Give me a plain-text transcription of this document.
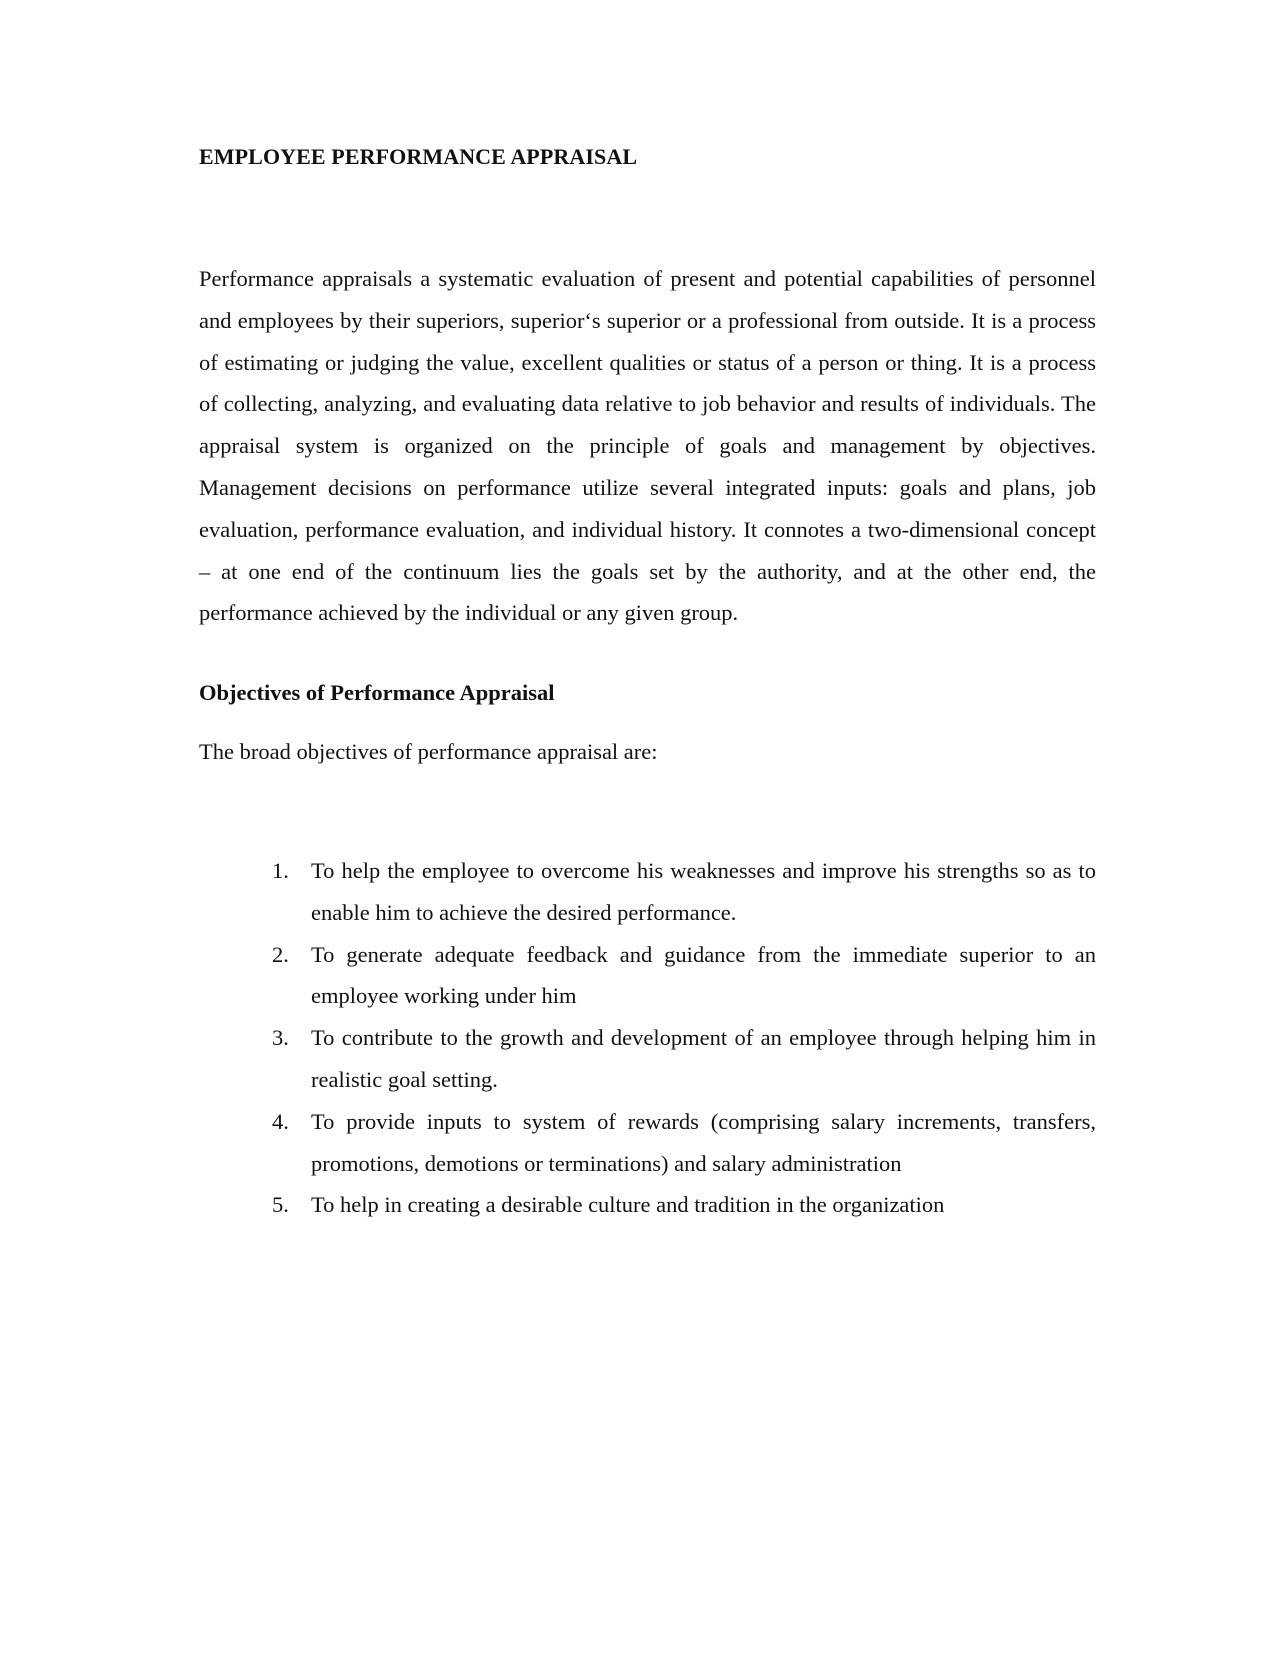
EMPLOYEE PERFORMANCE APPRAISAL

Performance appraisals a systematic evaluation of present and potential capabilities of personnel and employees by their superiors, superior‘s superior or a professional from outside. It is a process of estimating or judging the value, excellent qualities or status of a person or thing. It is a process of collecting, analyzing, and evaluating data relative to job behavior and results of individuals. The appraisal system is organized on the principle of goals and management by objectives. Management decisions on performance utilize several integrated inputs: goals and plans, job evaluation, performance evaluation, and individual history. It connotes a two-dimensional concept – at one end of the continuum lies the goals set by the authority, and at the other end, the performance achieved by the individual or any given group.

Objectives of Performance Appraisal

The broad objectives of performance appraisal are:

1. To help the employee to overcome his weaknesses and improve his strengths so as to enable him to achieve the desired performance.
2. To generate adequate feedback and guidance from the immediate superior to an employee working under him
3. To contribute to the growth and development of an employee through helping him in realistic goal setting.
4. To provide inputs to system of rewards (comprising salary increments, transfers, promotions, demotions or terminations) and salary administration
5. To help in creating a desirable culture and tradition in the organization
